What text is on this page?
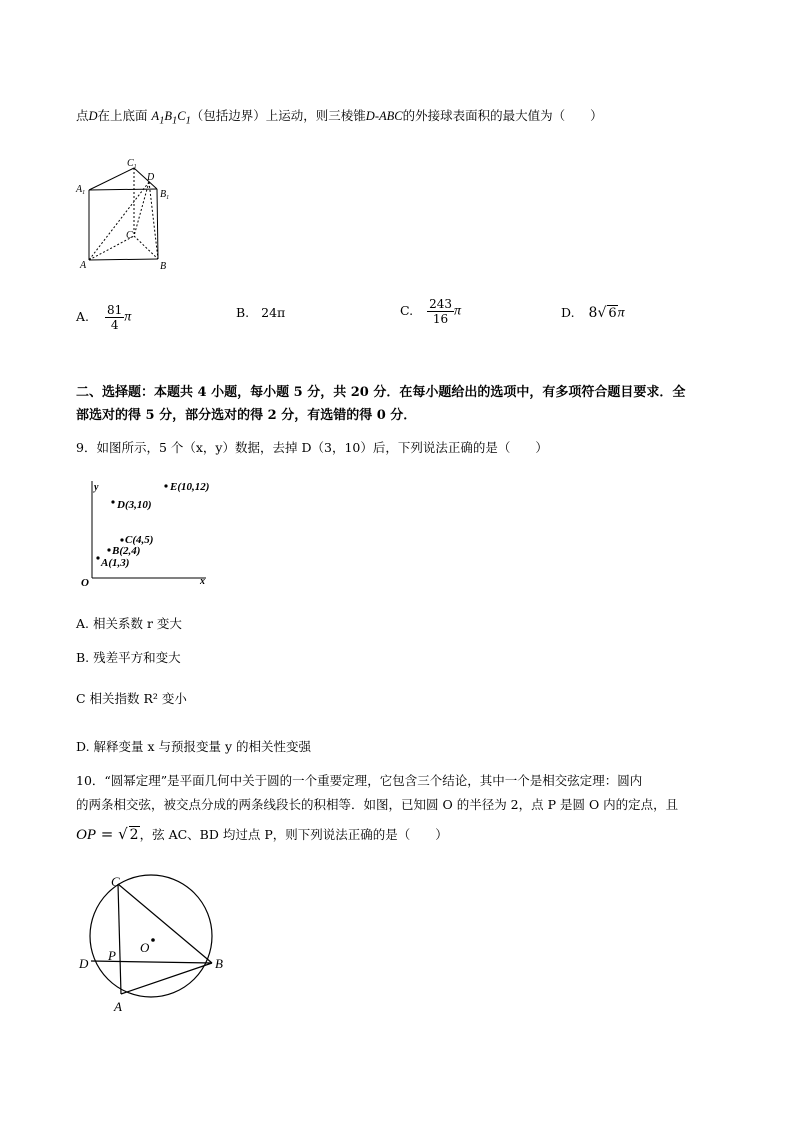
点D在上底面 $A_1B_1C_1$（包括边界）上运动，则三棱锥D-ABC的外接球表面积的最大值为（　　）
$A_1$
$C_1$
D
$B_1$
C
A	B
A. $\frac{81}{4}$ π	B. 24π	C. $\frac{243}{16}$ π	D. 8√ 6π
二、选择题：本题共 4 小题，每小题 5 分，共 20 分．在每小题给出的选项中，有多项符合题目要求．全
部选对的得 5 分，部分选对的得 2 分，有选错的得 0 分．
9．如图所示，5 个（x，y）数据，去掉 D（3，10）后，下列说法正确的是（　　）
y
x
O
E(10,12)
D(3,10)
C(4,5)
B(2,4)
A(1,3)
A. 相关系数 r 变大
B. 残差平方和变大
C 相关指数 R² 变小
D. 解释变量 x 与预报变量 y 的相关性变强
10．“圆幂定理”是平面几何中关于圆的一个重要定理，它包含三个结论，其中一个是相交弦定理：圆内
的两条相交弦，被交点分成的两条线段长的积相等．如图，已知圆 O 的半径为 2，点 P 是圆 O 内的定点，且
OP = √ 2，弦 AC、BD 均过点 P，则下列说法正确的是（　　）
C
D
P
O
B
A
